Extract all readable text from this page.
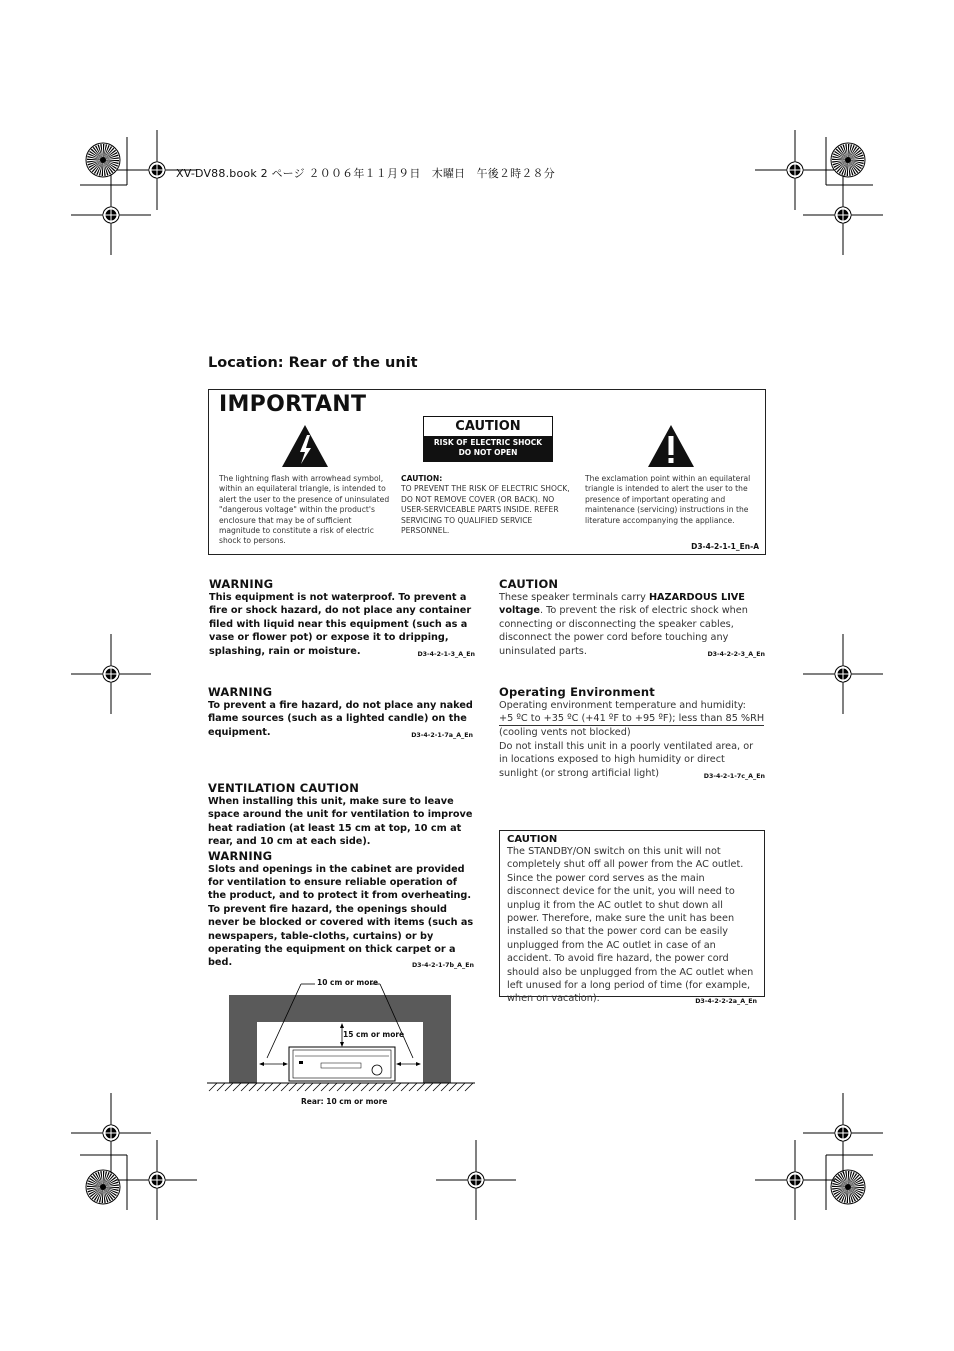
XV-DV88.book 2 ページ ２００６年１１月９日　木曜日　午後２時２８分
Location: Rear of the unit
IMPORTANT
CAUTION
RISK OF ELECTRIC SHOCK
DO NOT OPEN
The lightning flash with arrowhead symbol, within an equilateral triangle, is intended to alert the user to the presence of uninsulated "dangerous voltage" within the product's enclosure that may be of sufficient magnitude to constitute a risk of electric shock to persons.
CAUTION:
TO PREVENT THE RISK OF ELECTRIC SHOCK, DO NOT REMOVE COVER (OR BACK). NO USER-SERVICEABLE PARTS INSIDE. REFER SERVICING TO QUALIFIED SERVICE PERSONNEL.
The exclamation point within an equilateral triangle is intended to alert the user to the presence of important operating and maintenance (servicing) instructions in the literature accompanying the appliance.
D3-4-2-1-1_En-A
WARNING
This equipment is not waterproof. To prevent a fire or shock hazard, do not place any container filed with liquid near this equipment (such as a vase or flower pot) or expose it to dripping, splashing, rain or moisture.	D3-4-2-1-3_A_En
CAUTION
These speaker terminals carry HAZARDOUS LIVE voltage. To prevent the risk of electric shock when connecting or disconnecting the speaker cables, disconnect the power cord before touching any uninsulated parts.	D3-4-2-2-3_A_En
WARNING
To prevent a fire hazard, do not place any naked flame sources (such as a lighted candle) on the equipment.	D3-4-2-1-7a_A_En
Operating Environment
Operating environment temperature and humidity:
+5 ºC to +35 ºC (+41 ºF to +95 ºF); less than 85 %RH
(cooling vents not blocked)
Do not install this unit in a poorly ventilated area, or in locations exposed to high humidity or direct sunlight (or strong artificial light)	D3-4-2-1-7c_A_En
VENTILATION CAUTION
When installing this unit, make sure to leave space around the unit for ventilation to improve heat radiation (at least 15 cm at top, 10 cm at rear, and 10 cm at each side).
WARNING
Slots and openings in the cabinet are provided for ventilation to ensure reliable operation of the product, and to protect it from overheating. To prevent fire hazard, the openings should never be blocked or covered with items (such as newspapers, table-cloths, curtains) or by operating the equipment on thick carpet or a bed.	D3-4-2-1-7b_A_En
CAUTION
The STANDBY/ON switch on this unit will not completely shut off all power from the AC outlet. Since the power cord serves as the main disconnect device for the unit, you will need to unplug it from the AC outlet to shut down all power. Therefore, make sure the unit has been installed so that the power cord can be easily unplugged from the AC outlet in case of an accident. To avoid fire hazard, the power cord should also be unplugged from the AC outlet when left unused for a long period of time (for example, when on vacation).	D3-4-2-2-2a_A_En
10 cm or more
15 cm or more
Rear: 10 cm or more
